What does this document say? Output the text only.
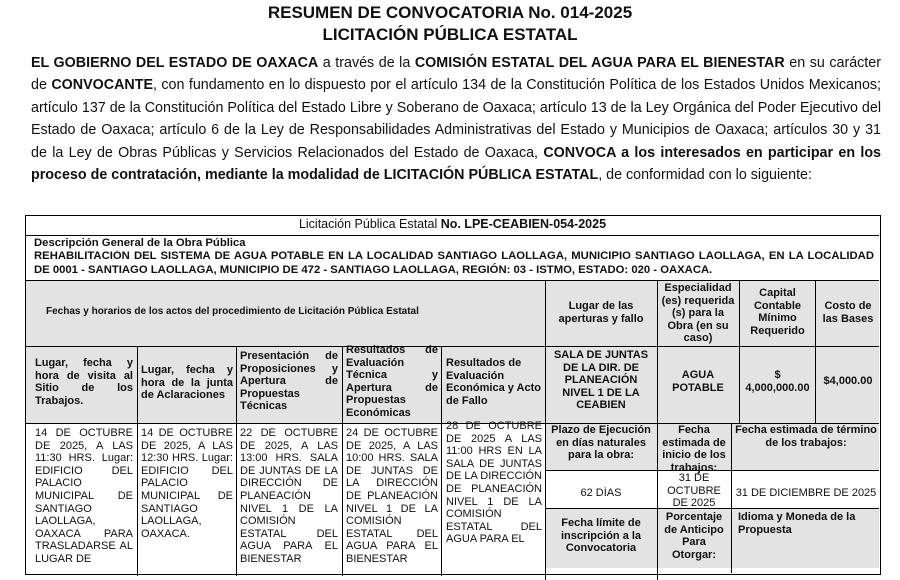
RESUMEN DE CONVOCATORIA No. 014-2025
LICITACIÓN PÚBLICA ESTATAL

EL GOBIERNO DEL ESTADO DE OAXACA a través de la COMISIÓN ESTATAL DEL AGUA PARA EL BIENESTAR en su carácter de CONVOCANTE, con fundamento en lo dispuesto por el artículo 134 de la Constitución Política de los Estados Unidos Mexicanos; artículo 137 de la Constitución Política del Estado Libre y Soberano de Oaxaca; artículo 13 de la Ley Orgánica del Poder Ejecutivo del Estado de Oaxaca; artículo 6 de la Ley de Responsabilidades Administrativas del Estado y Municipios de Oaxaca; artículos 30 y 31 de la Ley de Obras Públicas y Servicios Relacionados del Estado de Oaxaca, CONVOCA a los interesados en participar en los proceso de contratación, mediante la modalidad de LICITACIÓN PÚBLICA ESTATAL, de conformidad con lo siguiente:

Licitación Pública Estatal No. LPE-CEABIEN-054-2025
Descripción General de la Obra Pública
REHABILITACIÓN DEL SISTEMA DE AGUA POTABLE EN LA LOCALIDAD SANTIAGO LAOLLAGA, MUNICIPIO SANTIAGO LAOLLAGA, EN LA LOCALIDAD DE 0001 - SANTIAGO LAOLLAGA, MUNICIPIO DE 472 - SANTIAGO LAOLLAGA, REGIÓN: 03 - ISTMO, ESTADO: 020 - OAXACA.
Fechas y horarios de los actos del procedimiento de Licitación Pública Estatal	Lugar de las aperturas y fallo
Especialidad (es) requerida (s) para la Obra (en su caso)
Capital Contable Mínimo Requerido
Costo de las Bases
Lugar, fecha y hora de visita al Sitio de los Trabajos.
Lugar, fecha y hora de la junta de Aclaraciones
Presentación de Proposiciones y Apertura de Propuestas Técnicas
Resultados de Evaluación Técnica y Apertura de Propuestas Económicas
Resultados de Evaluación Económica y Acto de Fallo
SALA DE JUNTAS DE LA DIR. DE PLANEACIÓN NIVEL 1 DE LA CEABIEN
AGUA POTABLE
$ 4,000,000.00
$4,000.00
14 DE OCTUBRE DE 2025, A LAS 11:30 HRS. Lugar: EDIFICIO DEL PALACIO MUNICIPAL DE SANTIAGO LAOLLAGA, OAXACA PARA TRASLADARSE AL LUGAR DE
14 DE OCTUBRE DE 2025, A LAS 12:30 HRS. Lugar: EDIFICIO DEL PALACIO MUNICIPAL DE SANTIAGO LAOLLAGA, OAXACA.
22 DE OCTUBRE DE 2025, A LAS 13:00 HRS. SALA DE JUNTAS DE LA DIRECCIÓN DE PLANEACIÓN NIVEL 1 DE LA COMISIÓN ESTATAL DEL AGUA PARA EL BIENESTAR
24 DE OCTUBRE DE 2025, A LAS 10:00 HRS. SALA DE JUNTAS DE LA DIRECCIÓN DE PLANEACIÓN NIVEL 1 DE LA COMISIÓN ESTATAL DEL AGUA PARA EL BIENESTAR
28 DE OCTUBRE DE 2025 A LAS 11:00 HRS EN LA SALA DE JUNTAS DE LA DIRECCIÓN DE PLANEACIÓN NIVEL 1 DE LA COMISIÓN ESTATAL DEL AGUA PARA EL
Plazo de Ejecución en días naturales para la obra:
Fecha estimada de inicio de los trabajos:
Fecha estimada de término de los trabajos:
62 DÍAS
31 DE OCTUBRE DE 2025
31 DE DICIEMBRE DE 2025
Fecha límite de inscripción a la Convocatoria
Porcentaje de Anticipo Para Otorgar:
Idioma y Moneda de la Propuesta
